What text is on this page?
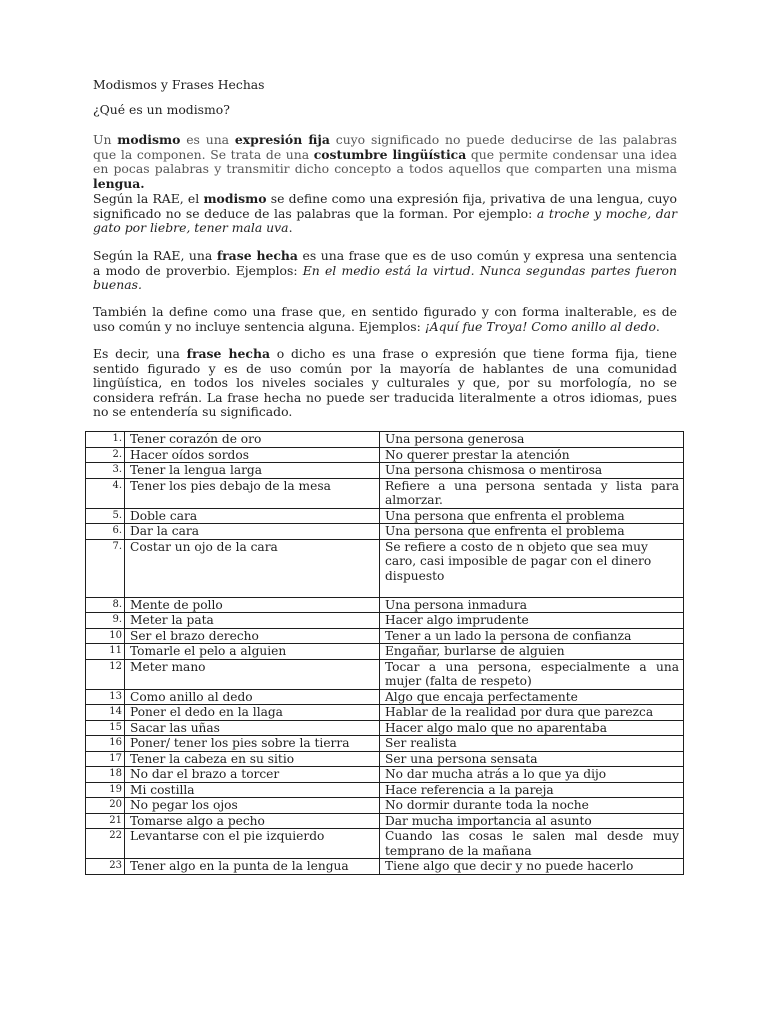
Modismos y Frases Hechas

¿Qué es un modismo?

Un modismo es una expresión fija cuyo significado no puede deducirse de las palabras que la componen. Se trata de una costumbre lingüística que permite condensar una idea en pocas palabras y transmitir dicho concepto a todos aquellos que comparten una misma lengua.

Según la RAE, el modismo se define como una expresión fija, privativa de una lengua, cuyo significado no se deduce de las palabras que la forman. Por ejemplo: a troche y moche, dar gato por liebre, tener mala uva.

Según la RAE, una frase hecha es una frase que es de uso común y expresa una sentencia a modo de proverbio. Ejemplos: En el medio está la virtud. Nunca segundas partes fueron buenas.

También la define como una frase que, en sentido figurado y con forma inalterable, es de uso común y no incluye sentencia alguna. Ejemplos: ¡Aquí fue Troya! Como anillo al dedo.

Es decir, una frase hecha o dicho es una frase o expresión que tiene forma fija, tiene sentido figurado y es de uso común por la mayoría de hablantes de una comunidad lingüística, en todos los niveles sociales y culturales y que, por su morfología, no se considera refrán. La frase hecha no puede ser traducida literalmente a otros idiomas, pues no se entendería su significado.

1.	Tener corazón de oro	Una persona generosa
2.	Hacer oídos sordos	No querer prestar la atención
3.	Tener la lengua larga	Una persona chismosa o mentirosa
4.	Tener los pies debajo de la mesa	Refiere a una persona sentada y lista para almorzar.
5.	Doble cara	Una persona que enfrenta el problema
6.	Dar la cara	Una persona que enfrenta el problema
7.	Costar un ojo de la cara	Se refiere a costo de n objeto que sea muy caro, casi imposible de pagar con el dinero dispuesto
8.	Mente de pollo	Una persona inmadura
9.	Meter la pata	Hacer algo imprudente
10	Ser el brazo derecho	Tener a un lado la persona de confianza
11	Tomarle el pelo a alguien	Engañar, burlarse de alguien
12	Meter mano	Tocar a una persona, especialmente a una mujer (falta de respeto)
13	Como anillo al dedo	Algo que encaja perfectamente
14	Poner el dedo en la llaga	Hablar de la realidad por dura que parezca
15	Sacar las uñas	Hacer algo malo que no aparentaba
16	Poner/ tener los pies sobre la tierra	Ser realista
17	Tener la cabeza en su sitio	Ser una persona sensata
18	No dar el brazo a torcer	No dar mucha atrás a lo que ya dijo
19	Mi costilla	Hace referencia a la pareja
20	No pegar los ojos	No dormir durante toda la noche
21	Tomarse algo a pecho	Dar mucha importancia al asunto
22	Levantarse con el pie izquierdo	Cuando las cosas le salen mal desde muy temprano de la mañana
23	Tener algo en la punta de la lengua	Tiene algo que decir y no puede hacerlo
